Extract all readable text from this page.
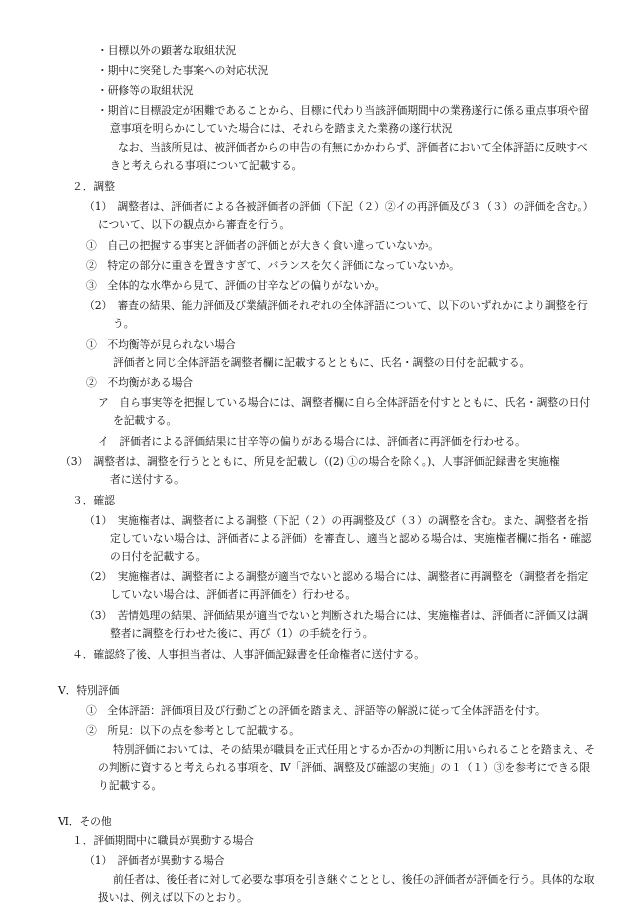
・目標以外の顕著な取組状況
・期中に突発した事案への対応状況
・研修等の取組状況
・期首に目標設定が困難であることから、目標に代わり当該評価期間中の業務遂行に係る重点事項や留
意事項を明らかにしていた場合には、それらを踏まえた業務の遂行状況
なお、当該所見は、被評価者からの申告の有無にかかわらず、評価者において全体評語に反映すべ
きと考えられる事項について記載する。
２．調整
（1）　調整者は、評価者による各被評価者の評価（下記（２）②イの再評価及び３（３）の評価を含む。）
について、以下の観点から審査を行う。
①　自己の把握する事実と評価者の評価とが大きく食い違っていないか。
②　特定の部分に重きを置きすぎて、バランスを欠く評価になっていないか。
③　全体的な水準から見て、評価の甘辛などの偏りがないか。
（2）　審査の結果、能力評価及び業績評価それぞれの全体評語について、以下のいずれかにより調整を行
う。
①　不均衡等が見られない場合
評価者と同じ全体評語を調整者欄に記載するとともに、氏名・調整の日付を記載する。
②　不均衡がある場合
ア　自ら事実等を把握している場合には、調整者欄に自ら全体評語を付すとともに、氏名・調整の日付
を記載する。
イ　評価者による評価結果に甘辛等の偏りがある場合には、評価者に再評価を行わせる。
（3）　調整者は、調整を行うとともに、所見を記載し（(2) ①の場合を除く。)、人事評価記録書を実施権
者に送付する。
３．確認
（1）　実施権者は、調整者による調整（下記（２）の再調整及び（３）の調整を含む。また、調整者を指
定していない場合は、評価者による評価）を審査し、適当と認める場合は、実施権者欄に指名・確認
の日付を記載する。
（2）　実施権者は、調整者による調整が適当でないと認める場合には、調整者に再調整を（調整者を指定
していない場合は、評価者に再評価を）行わせる。
（3）　苦情処理の結果、評価結果が適当でないと判断された場合には、実施権者は、評価者に評価又は調
整者に調整を行わせた後に、再び（1）の手続を行う。
４．確認終了後、人事担当者は、人事評価記録書を任命権者に送付する。
Ⅴ．特別評価
①　全体評語：評価項目及び行動ごとの評価を踏まえ、評語等の解説に従って全体評語を付す。
②　所見：以下の点を参考として記載する。
特別評価においては、その結果が職員を正式任用とするか否かの判断に用いられることを踏まえ、そ
の判断に資すると考えられる事項を、Ⅳ「評価、調整及び確認の実施」の１（１）③を参考にできる限
り記載する。
Ⅵ．その他
１．評価期間中に職員が異動する場合
（1）　評価者が異動する場合
前任者は、後任者に対して必要な事項を引き継ぐこととし、後任の評価者が評価を行う。具体的な取
扱いは、例えば以下のとおり。
